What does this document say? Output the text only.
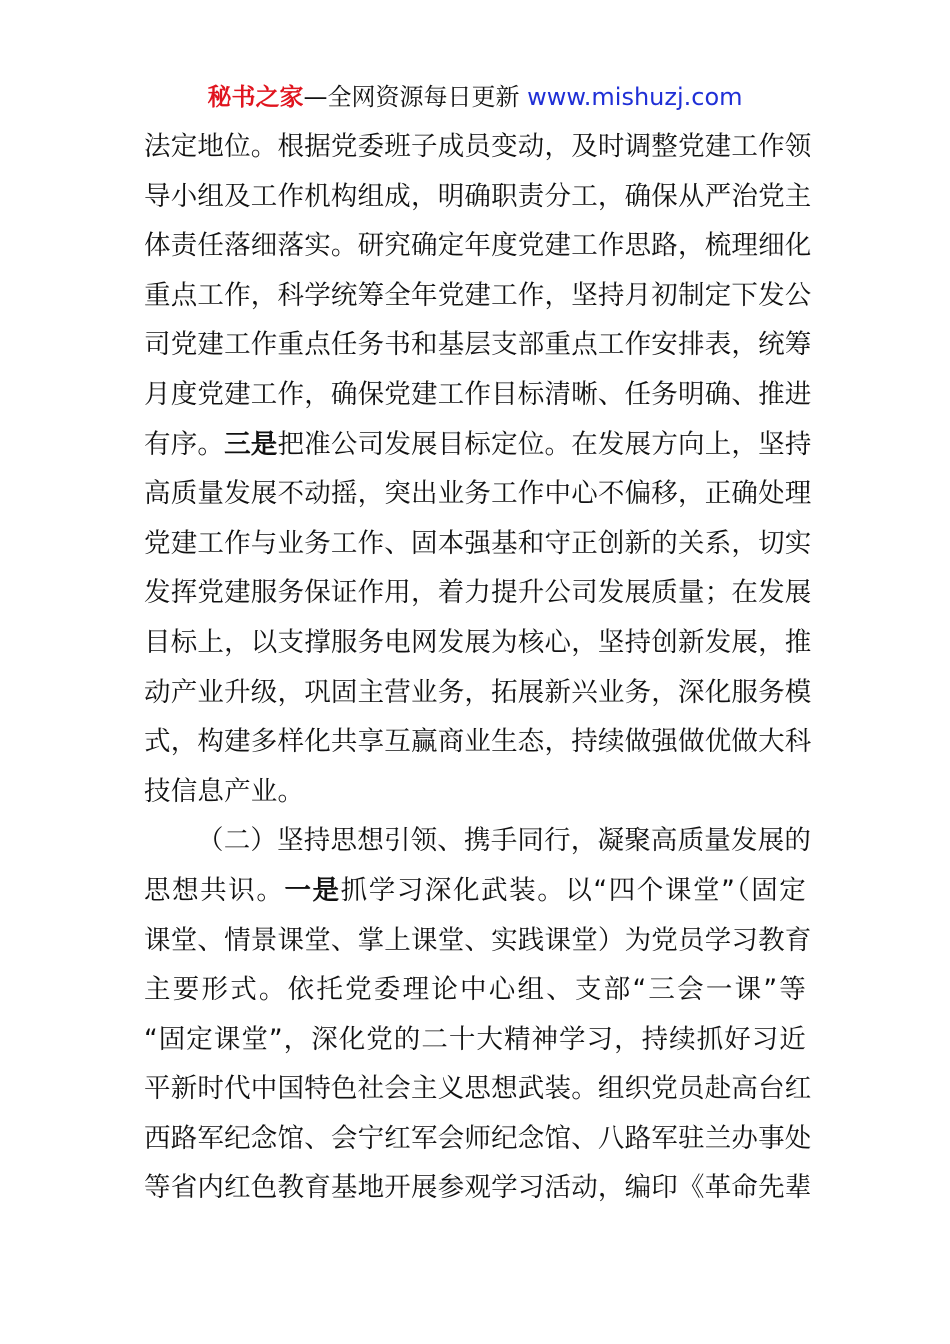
秘书之家—全网资源每日更新 www.mishuzj.com
法定地位。根据党委班子成员变动，及时调整党建工作领
导小组及工作机构组成，明确职责分工，确保从严治党主
体责任落细落实。研究确定年度党建工作思路，梳理细化
重点工作，科学统筹全年党建工作，坚持月初制定下发公
司党建工作重点任务书和基层支部重点工作安排表，统筹
月度党建工作，确保党建工作目标清晰、任务明确、推进
有序。三是把准公司发展目标定位。在发展方向上，坚持
高质量发展不动摇，突出业务工作中心不偏移，正确处理
党建工作与业务工作、固本强基和守正创新的关系，切实
发挥党建服务保证作用，着力提升公司发展质量；在发展
目标上，以支撑服务电网发展为核心，坚持创新发展，推
动产业升级，巩固主营业务，拓展新兴业务，深化服务模
式，构建多样化共享互赢商业生态，持续做强做优做大科
技信息产业。
（二）坚持思想引领、携手同行，凝聚高质量发展的
思想共识。一是抓学习深化武装。以“四个课堂”（固定
课堂、情景课堂、掌上课堂、实践课堂）为党员学习教育
主要形式。依托党委理论中心组、支部“三会一课”等
“固定课堂”，深化党的二十大精神学习，持续抓好习近
平新时代中国特色社会主义思想武装。组织党员赴高台红
西路军纪念馆、会宁红军会师纪念馆、八路军驻兰办事处
等省内红色教育基地开展参观学习活动，编印《革命先辈
